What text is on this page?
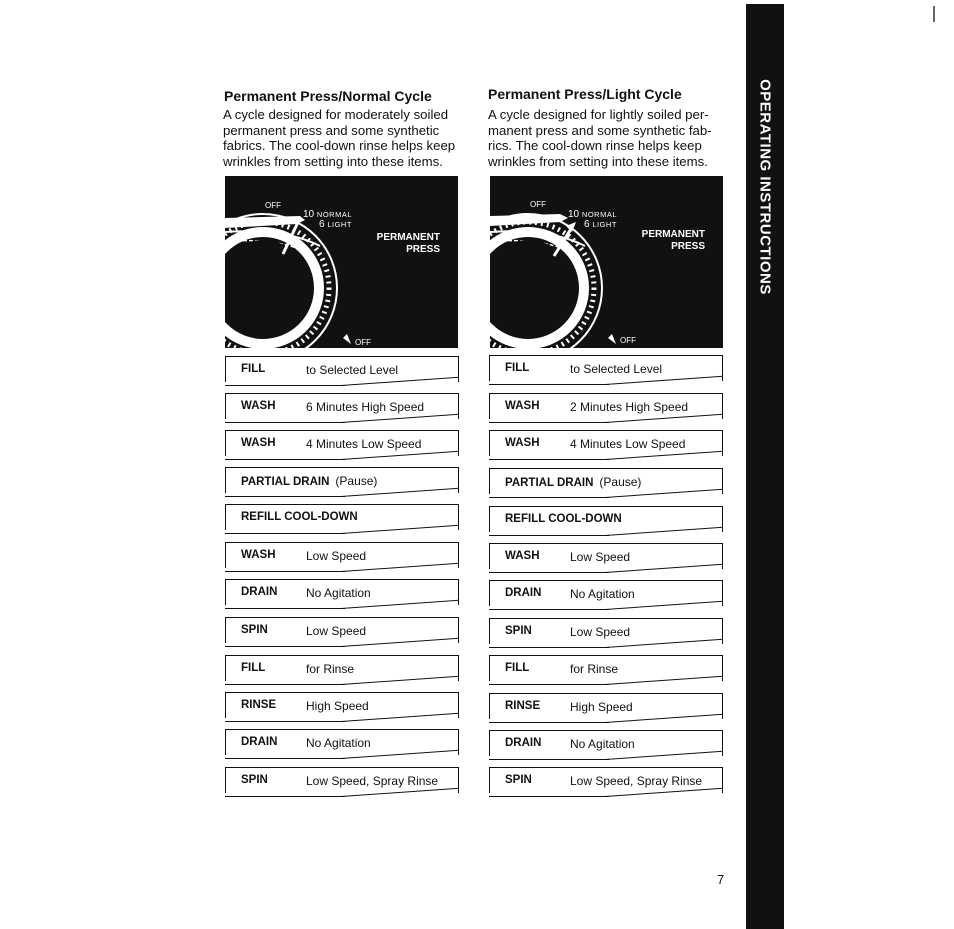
Permanent Press/Normal Cycle
A cycle designed for moderately soiled
permanent press and some synthetic
fabrics. The cool-down rinse helps keep
wrinkles from setting into these items.
OFF
10 NORMAL
6 LIGHT
PERMANENT
PRESS
OFF
FILL	to Selected Level
WASH	6 Minutes High Speed
WASH	4 Minutes Low Speed
PARTIAL DRAIN (Pause)
REFILL COOL-DOWN
WASH	Low Speed
DRAIN No Agitation
SPIN	Low Speed
FILL	for Rinse
RINSE High Speed
DRAIN No Agitation
SPIN	Low Speed, Spray Rinse
Permanent Press/Light Cycle
A cycle designed for lightly soiled per-
manent press and some synthetic fab-
rics. The cool-down rinse helps keep
wrinkles from setting into these items.
OFF
10 NORMAL
6 LIGHT
PERMANENT
PRESS
OFF
FILL	to Selected Level
WASH	2 Minutes High Speed
WASH	4 Minutes Low Speed
PARTIAL DRAIN (Pause)
REFILL COOL-DOWN
WASH	Low Speed
DRAIN No Agitation
SPIN	Low Speed
FILL	for Rinse
RINSE High Speed
DRAIN No Agitation
SPIN	Low Speed, Spray Rinse
OPERATING INSTRUCTIONS
7
